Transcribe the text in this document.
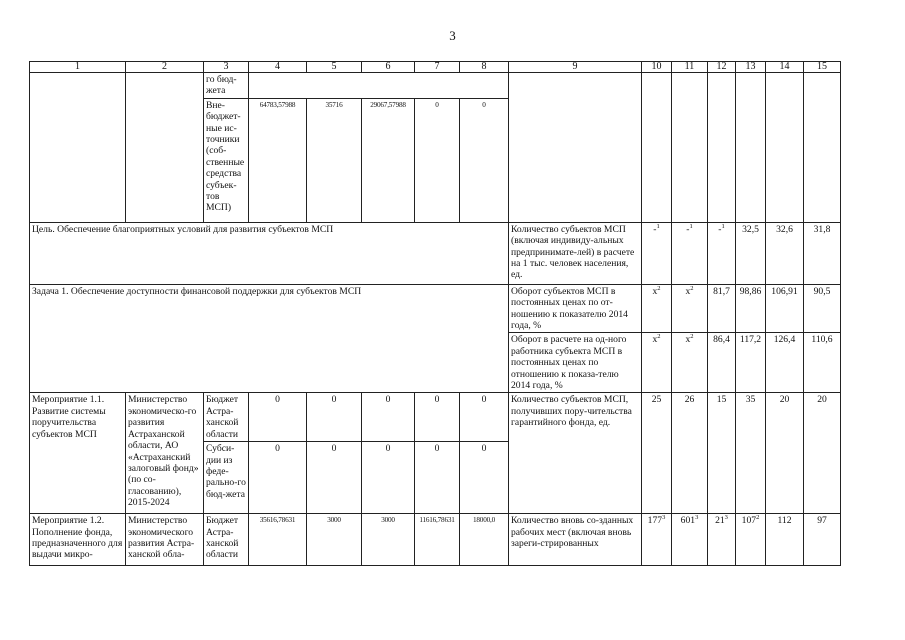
3
1	2	3	4	5	6	7	8	9	10	11	12	13	14	15
		го бюд-жета												
		Вне-бюджет-ные ис-точники (соб-ственные средства субъек-тов МСП)	64783,57988	35716	29067,57988	0	0							
Цель. Обеспечение благоприятных условий для развития субъектов МСП								Количество субъектов МСП (включая индивиду-альных предпринимате-лей) в расчете на 1 тыс. человек населения, ед.	-$^1$	-$^1$	-$^1$	32,5	32,6	31,8
Задача 1. Обеспечение доступности финансовой поддержки для субъектов МСП								Оборот субъектов МСП в постоянных ценах по от-ношению к показателю 2014 года, %	$x^2$	$x^2$	81,7	98,86	106,91	90,5
								Оборот в расчете на од-ного работника субъекта МСП в постоянных ценах по отношению к показа-телю 2014 года, %	$x^2$	$x^2$	86,4	117,2	126,4	110,6
Мероприятие 1.1. Развитие системы поручительства субъектов МСП	Министерство экономическо-го развития Астраханской области, АО «Астраханский залоговый фонд» (по со-гласованию), 2015-2024	Бюджет Астра-ханской области	0	0	0	0	0	Количество субъектов МСП, получивших пору-чительства гарантийного фонда, ед.	25	26	15	35	20	20
		Субси-дии из феде-рально-го бюд-жета	0	0	0	0	0							
Мероприятие 1.2. Пополнение фонда, предназначенного для выдачи микро-	Министерство экономического развития Астра-ханской обла-	Бюджет Астра-ханской области	35616,78631	3000	3000	11616,78631	18000,0	Количество вновь со-зданных рабочих мест (включая вновь зареги-стрированных	$177^3$	$601^3$	$21^3$	$107^2$	112	97
